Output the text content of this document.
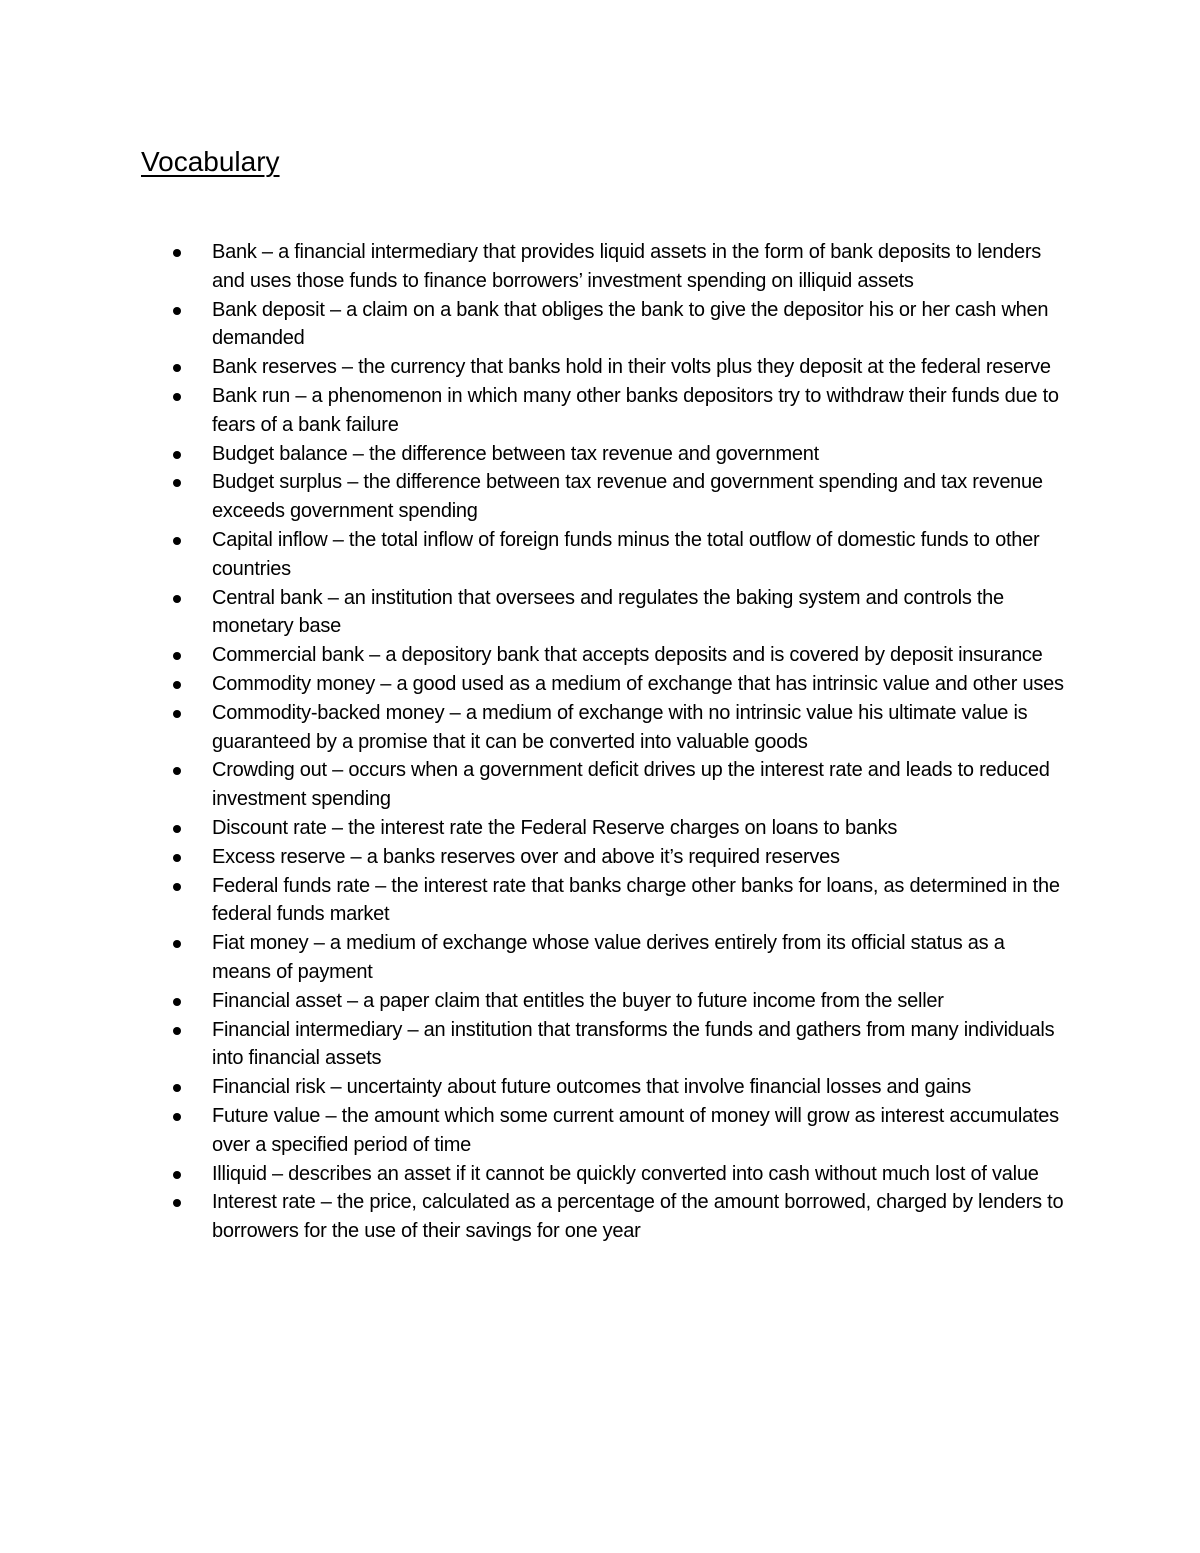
Vocabulary
Bank – a financial intermediary that provides liquid assets in the form of bank deposits to lenders and uses those funds to finance borrowers’ investment spending on illiquid assets
Bank deposit – a claim on a bank that obliges the bank to give the depositor his or her cash when demanded
Bank reserves – the currency that banks hold in their volts plus they deposit at the federal reserve
Bank run – a phenomenon in which many other banks depositors try to withdraw their funds due to fears of a bank failure
Budget balance – the difference between tax revenue and government
Budget surplus – the difference between tax revenue and government spending and tax revenue exceeds government spending
Capital inflow – the total inflow of foreign funds minus the total outflow of domestic funds to other countries
Central bank – an institution that oversees and regulates the baking system and controls the monetary base
Commercial bank – a depository bank that accepts deposits and is covered by deposit insurance
Commodity money – a good used as a medium of exchange that has intrinsic value and other uses
Commodity-backed money – a medium of exchange with no intrinsic value his ultimate value is guaranteed by a promise that it can be converted into valuable goods
Crowding out – occurs when a government deficit drives up the interest rate and leads to reduced investment spending
Discount rate – the interest rate the Federal Reserve charges on loans to banks
Excess reserve – a banks reserves over and above it’s required reserves
Federal funds rate – the interest rate that banks charge other banks for loans, as determined in the federal funds market
Fiat money – a medium of exchange whose value derives entirely from its official status as a means of payment
Financial asset – a paper claim that entitles the buyer to future income from the seller
Financial intermediary – an institution that transforms the funds and gathers from many individuals into financial assets
Financial risk – uncertainty about future outcomes that involve financial losses and gains
Future value – the amount which some current amount of money will grow as interest accumulates over a specified period of time
Illiquid – describes an asset if it cannot be quickly converted into cash without much lost of value
Interest rate – the price, calculated as a percentage of the amount borrowed, charged by lenders to borrowers for the use of their savings for one year
